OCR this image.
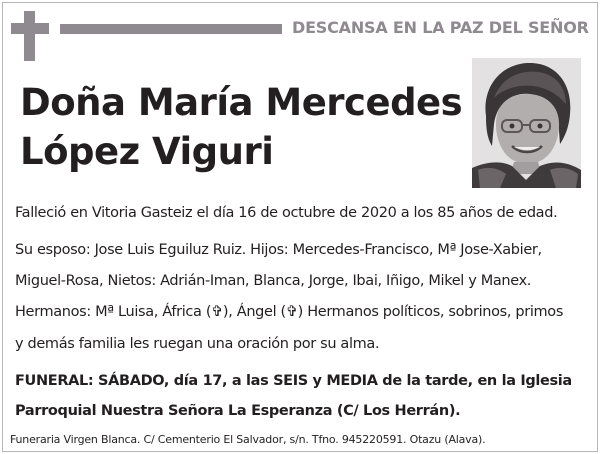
DESCANSA EN LA PAZ DEL SEÑOR
Doña María Mercedes
López Viguri
Falleció en Vitoria Gasteiz el día 16 de octubre de 2020 a los 85 años de edad.
Su esposo: Jose Luis Eguiluz Ruiz. Hijos: Mercedes-Francisco, Mª Jose-Xabier,
Miguel-Rosa, Nietos: Adrián-Iman, Blanca, Jorge, Ibai, Iñigo, Mikel y Manex.
Hermanos: Mª Luisa, África (✞), Ángel (✞) Hermanos políticos, sobrinos, primos
y demás familia les ruegan una oración por su alma.
FUNERAL: SÁBADO, día 17, a las SEIS y MEDIA de la tarde, en la Iglesia
Parroquial Nuestra Señora La Esperanza (C/ Los Herrán).
Funeraria Virgen Blanca. C/ Cementerio El Salvador, s/n. Tfno. 945220591. Otazu (Alava).
